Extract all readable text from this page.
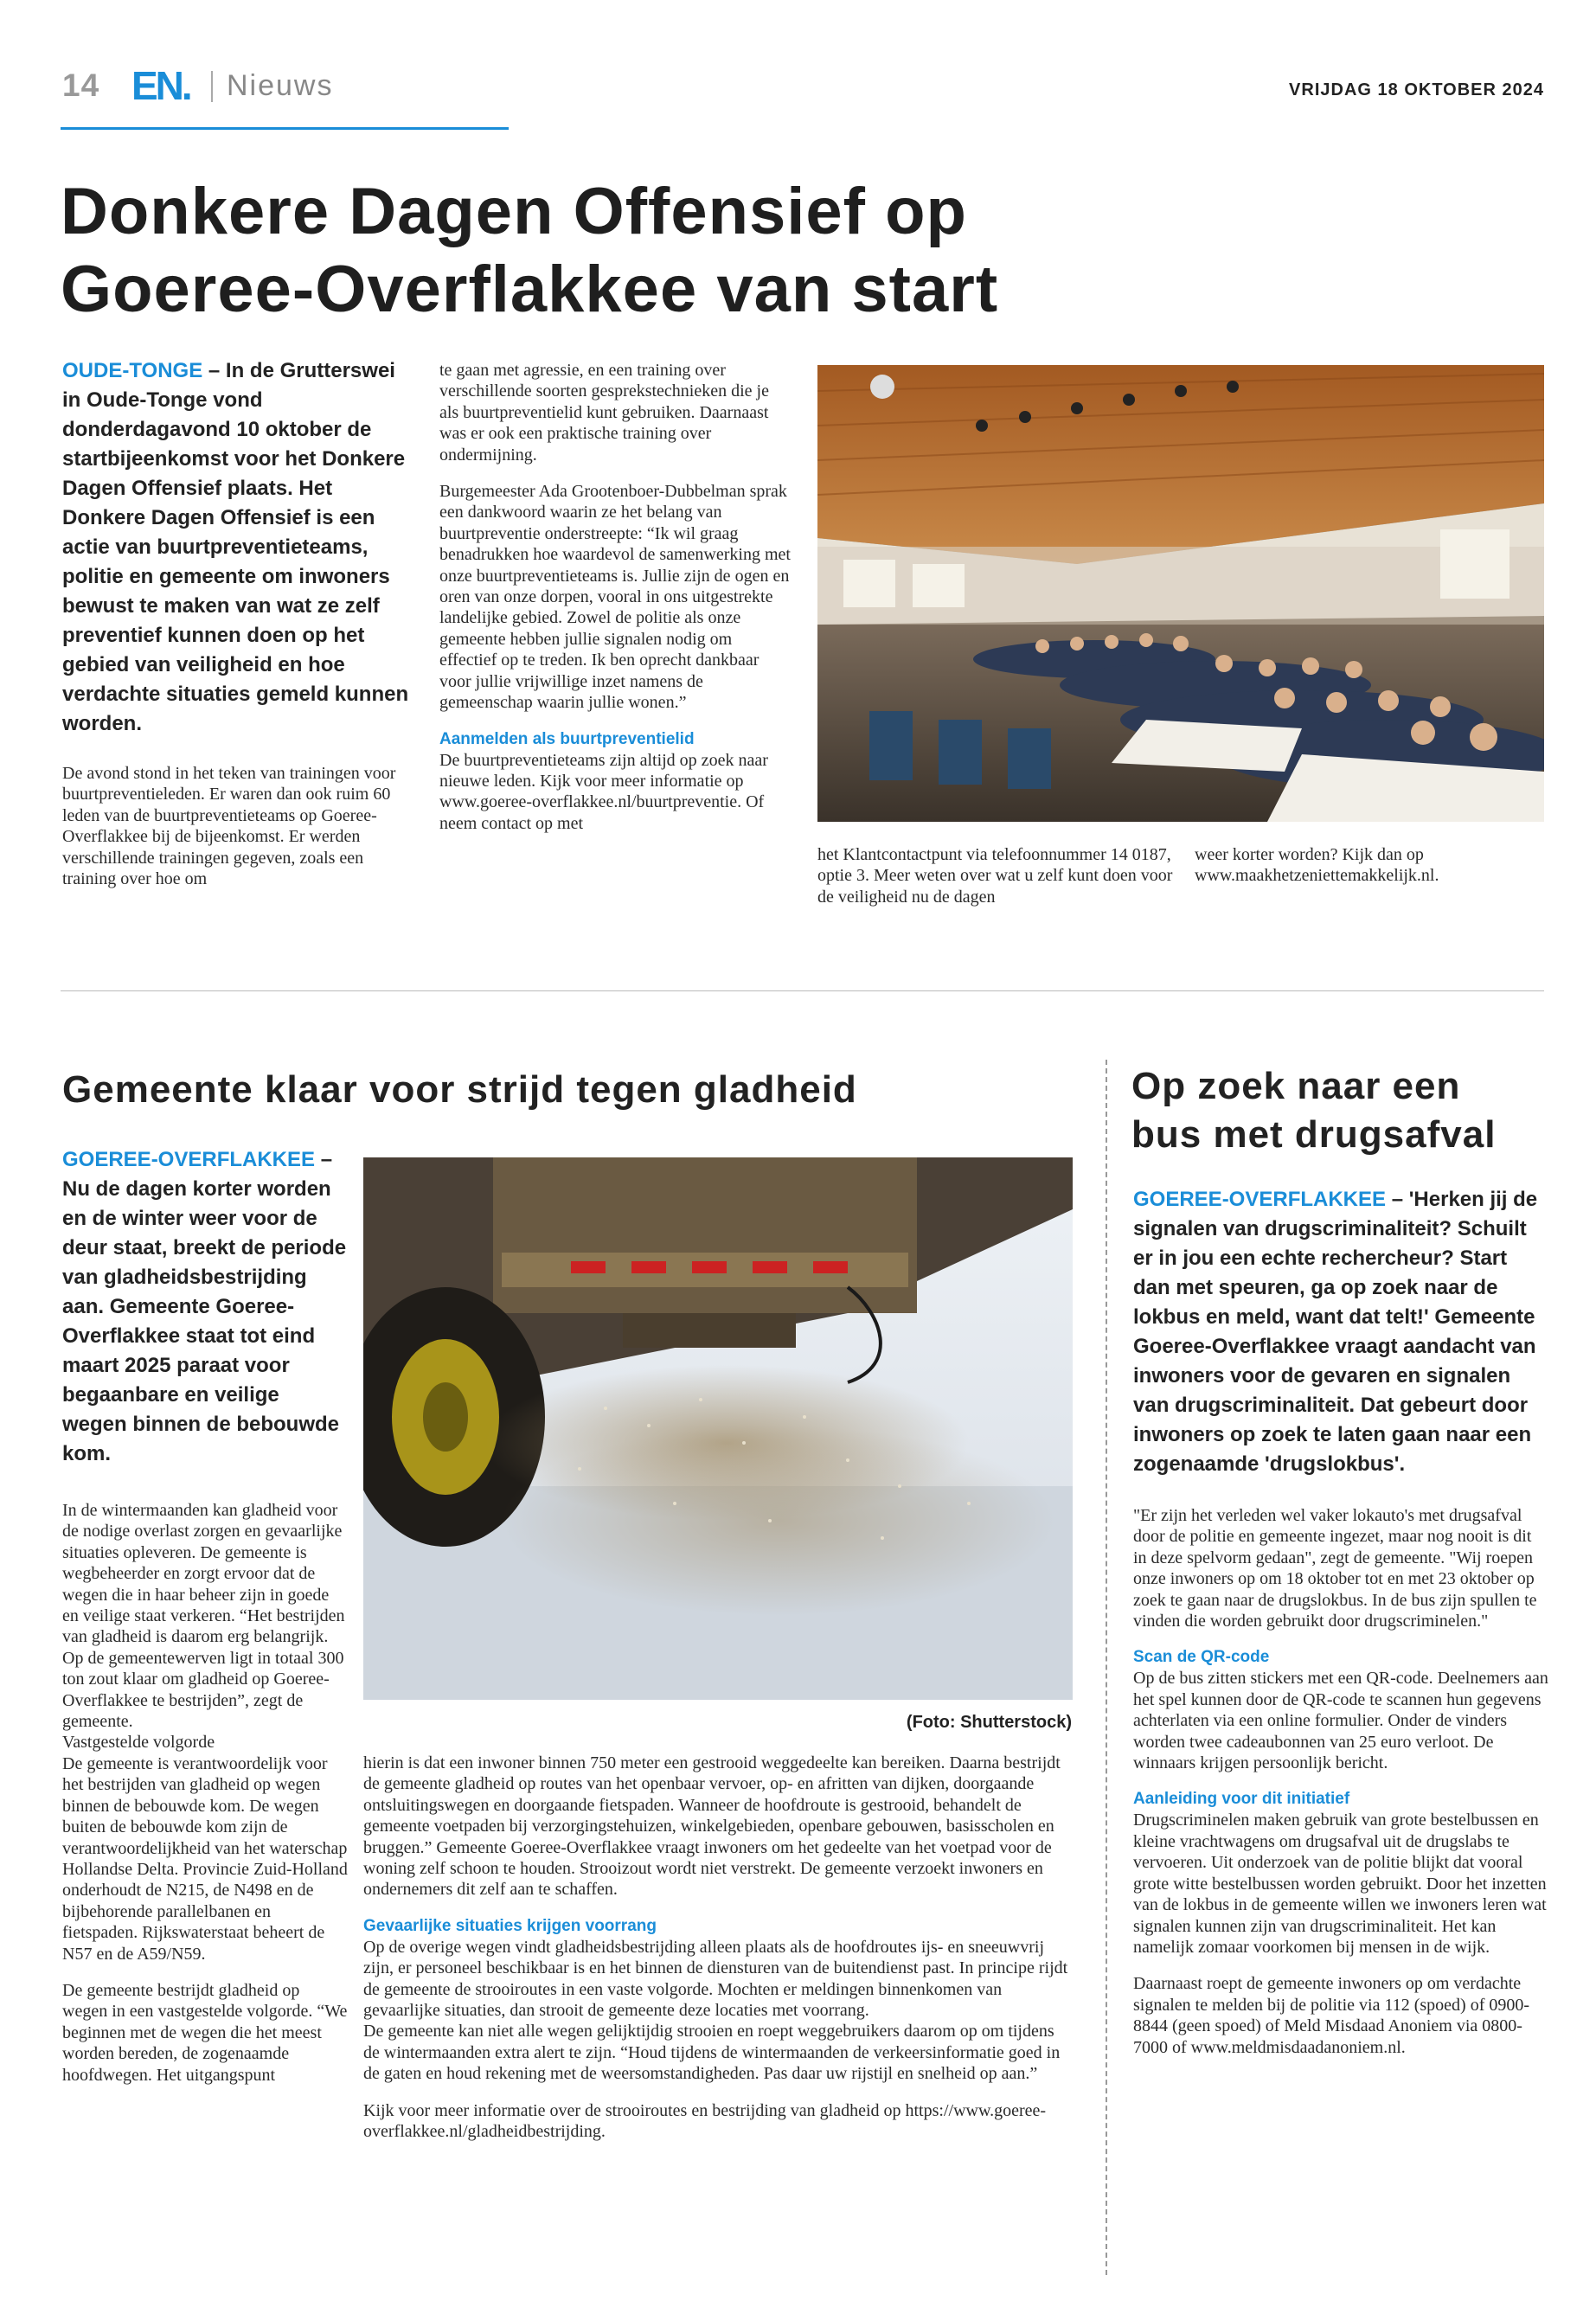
14 EN. Nieuws	VRIJDAG 18 OKTOBER 2024
Donkere Dagen Offensief op
Goeree-Overflakkee van start
OUDE-TONGE – In de Grutterswei in Oude-Tonge vond donderdagavond 10 oktober de startbijeenkomst voor het Donkere Dagen Offensief plaats. Het Donkere Dagen Offensief is een actie van buurtpreventieteams, politie en gemeente om inwoners bewust te maken van wat ze zelf preventief kunnen doen op het gebied van veiligheid en hoe verdachte situaties gemeld kunnen worden.

De avond stond in het teken van trainingen voor buurtpreventieleden. Er waren dan ook ruim 60 leden van de buurtpreventieteams op Goeree-Overflakkee bij de bijeenkomst. Er werden verschillende trainingen gegeven, zoals een training over hoe om

te gaan met agressie, en een training over verschillende soorten gesprekstechnieken die je als buurtpreventielid kunt gebruiken. Daarnaast was er ook een praktische training over ondermijning.

Burgemeester Ada Grootenboer-Dubbelman sprak een dankwoord waarin ze het belang van buurtpreventie onderstreepte: “Ik wil graag benadrukken hoe waardevol de samenwerking met onze buurtpreventieteams is. Jullie zijn de ogen en oren van onze dorpen, vooral in ons uitgestrekte landelijke gebied. Zowel de politie als onze gemeente hebben jullie signalen nodig om effectief op te treden. Ik ben oprecht dankbaar voor jullie vrijwillige inzet namens de gemeenschap waarin jullie wonen.”

Aanmelden als buurtpreventielid

De buurtpreventieteams zijn altijd op zoek naar nieuwe leden. Kijk voor meer informatie op www.goeree-overflakkee.nl/buurtpreventie. Of neem contact op met

het Klantcontactpunt via telefoonnummer 14 0187, optie 3. Meer weten over wat u zelf kunt doen voor de veiligheid nu de dagen

weer korter worden? Kijk dan op www.maakhetzeniettemakkelijk.nl.

Gemeente klaar voor strijd tegen gladheid
GOEREE-OVERFLAKKEE – Nu de dagen korter worden en de winter weer voor de deur staat, breekt de periode van gladheidsbestrijding aan. Gemeente Goeree-Overflakkee staat tot eind maart 2025 paraat voor begaanbare en veilige wegen binnen de bebouwde kom.

In de wintermaanden kan gladheid voor de nodige overlast zorgen en gevaarlijke situaties opleveren. De gemeente is wegbeheerder en zorgt ervoor dat de wegen die in haar beheer zijn in goede en veilige staat verkeren. “Het bestrijden van gladheid is daarom erg belangrijk. Op de gemeentewerven ligt in totaal 300 ton zout klaar om gladheid op Goeree-Overflakkee te bestrijden”, zegt de gemeente.

Vastgestelde volgorde

De gemeente is verantwoordelijk voor het bestrijden van gladheid op wegen binnen de bebouwde kom. De wegen buiten de bebouwde kom zijn de verantwoordelijkheid van het waterschap Hollandse Delta. Provincie Zuid-Holland onderhoudt de N215, de N498 en de bijbehorende parallelbanen en fietspaden. Rijkswaterstaat beheert de N57 en de A59/N59.

De gemeente bestrijdt gladheid op wegen in een vastgestelde volgorde. “We beginnen met de wegen die het meest worden bereden, de zogenaamde hoofdwegen. Het uitgangspunt

(Foto: Shutterstock)

hierin is dat een inwoner binnen 750 meter een gestrooid weggedeelte kan bereiken. Daarna bestrijdt de gemeente gladheid op routes van het openbaar vervoer, op- en afritten van dijken, doorgaande ontsluitingswegen en doorgaande fietspaden. Wanneer de hoofdroute is gestrooid, behandelt de gemeente voetpaden bij verzorgingstehuizen, winkelgebieden, openbare gebouwen, basisscholen en bruggen.” Gemeente Goeree-Overflakkee vraagt inwoners om het gedeelte van het voetpad voor de woning zelf schoon te houden. Strooizout wordt niet verstrekt. De gemeente verzoekt inwoners en ondernemers dit zelf aan te schaffen.

Gevaarlijke situaties krijgen voorrang

Op de overige wegen vindt gladheidsbestrijding alleen plaats als de hoofdroutes ijs- en sneeuwvrij zijn, er personeel beschikbaar is en het binnen de diensturen van de buitendienst past. In principe rijdt de gemeente de strooiroutes in een vaste volgorde. Mochten er meldingen binnenkomen van gevaarlijke situaties, dan strooit de gemeente deze locaties met voorrang.

De gemeente kan niet alle wegen gelijktijdig strooien en roept weggebruikers daarom op om tijdens de wintermaanden extra alert te zijn. “Houd tijdens de wintermaanden de verkeersinformatie goed in de gaten en houd rekening met de weersomstandigheden. Pas daar uw rijstijl en snelheid op aan.”

Kijk voor meer informatie over de strooiroutes en bestrijding van gladheid op https://www.goeree-overflakkee.nl/gladheidbestrijding.

Op zoek naar een
bus met drugsafval
GOEREE-OVERFLAKKEE – 'Herken jij de signalen van drugscriminaliteit? Schuilt er in jou een echte rechercheur? Start dan met speuren, ga op zoek naar de lokbus en meld, want dat telt!' Gemeente Goeree-Overflakkee vraagt aandacht van inwoners voor de gevaren en signalen van drugscriminaliteit. Dat gebeurt door inwoners op zoek te laten gaan naar een zogenaamde 'drugslokbus'.

"Er zijn het verleden wel vaker lokauto's met drugsafval door de politie en gemeente ingezet, maar nog nooit is dit in deze spelvorm gedaan", zegt de gemeente. "Wij roepen onze inwoners op om 18 oktober tot en met 23 oktober op zoek te gaan naar de drugslokbus. In de bus zijn spullen te vinden die worden gebruikt door drugscriminelen."

Scan de QR-code

Op de bus zitten stickers met een QR-code. Deelnemers aan het spel kunnen door de QR-code te scannen hun gegevens achterlaten via een online formulier. Onder de vinders worden twee cadeaubonnen van 25 euro verloot. De winnaars krijgen persoonlijk bericht.

Aanleiding voor dit initiatief

Drugscriminelen maken gebruik van grote bestelbussen en kleine vrachtwagens om drugsafval uit de drugslabs te vervoeren. Uit onderzoek van de politie blijkt dat vooral grote witte bestelbussen worden gebruikt. Door het inzetten van de lokbus in de gemeente willen we inwoners leren wat signalen kunnen zijn van drugscriminaliteit. Het kan namelijk zomaar voorkomen bij mensen in de wijk.

Daarnaast roept de gemeente inwoners op om verdachte signalen te melden bij de politie via 112 (spoed) of 0900-8844 (geen spoed) of Meld Misdaad Anoniem via 0800-7000 of www.meldmisdaadanoniem.nl.
